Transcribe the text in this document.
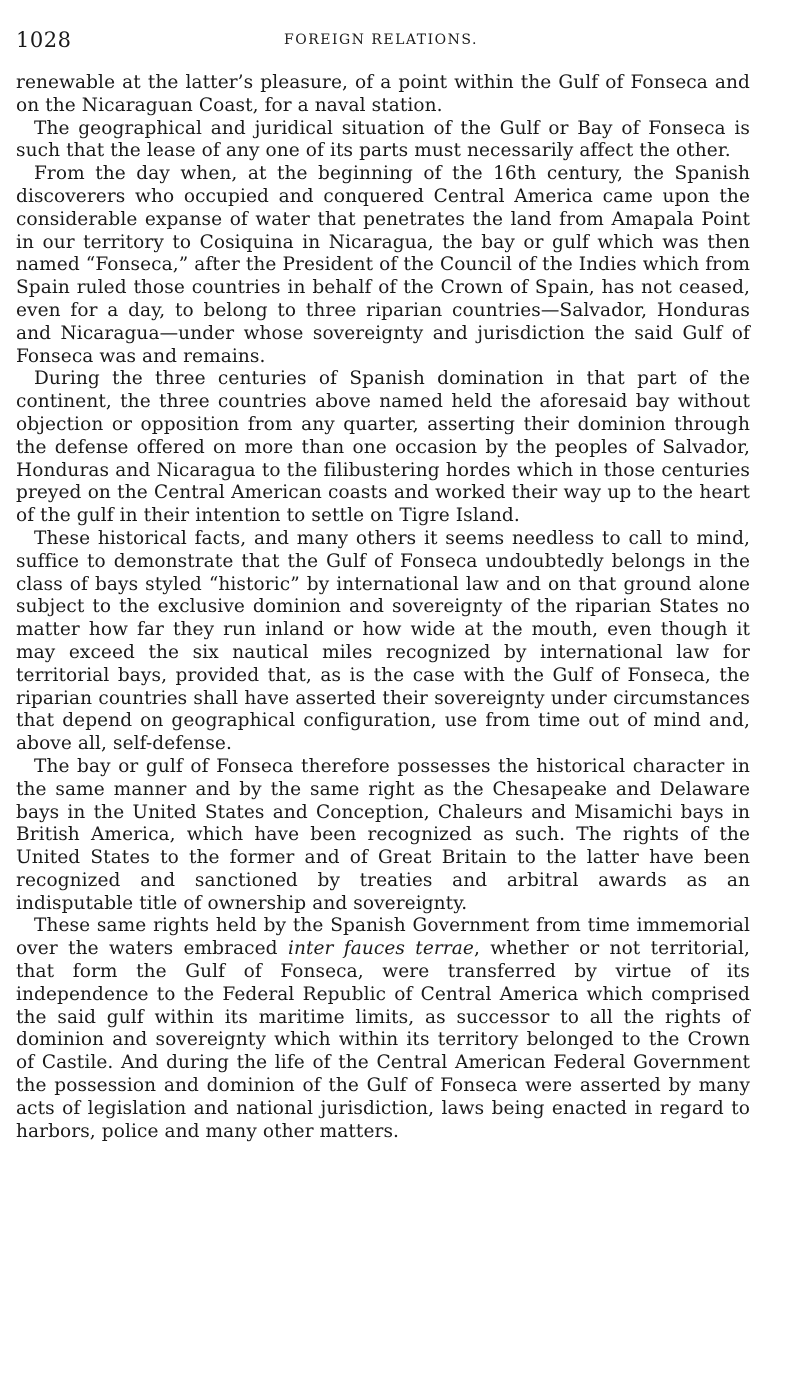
1028	FOREIGN RELATIONS.

renewable at the latter’s pleasure, of a point within the Gulf of Fonseca and on the Nicaraguan Coast, for a naval station.

The geographical and juridical situation of the Gulf or Bay of Fonseca is such that the lease of any one of its parts must necessarily affect the other.

From the day when, at the beginning of the 16th century, the Spanish discoverers who occupied and conquered Central America came upon the considerable expanse of water that penetrates the land from Amapala Point in our territory to Cosiquina in Nicaragua, the bay or gulf which was then named “Fonseca,” after the President of the Council of the Indies which from Spain ruled those countries in behalf of the Crown of Spain, has not ceased, even for a day, to belong to three riparian countries—Salvador, Honduras and Nicaragua—under whose sovereignty and jurisdiction the said Gulf of Fonseca was and remains.

During the three centuries of Spanish domination in that part of the continent, the three countries above named held the aforesaid bay without objection or opposition from any quarter, asserting their dominion through the defense offered on more than one occasion by the peoples of Salvador, Honduras and Nicaragua to the filibustering hordes which in those centuries preyed on the Central American coasts and worked their way up to the heart of the gulf in their intention to settle on Tigre Island.

These historical facts, and many others it seems needless to call to mind, suffice to demonstrate that the Gulf of Fonseca undoubtedly belongs in the class of bays styled “historic” by international law and on that ground alone subject to the exclusive dominion and sovereignty of the riparian States no matter how far they run inland or how wide at the mouth, even though it may exceed the six nautical miles recognized by international law for territorial bays, provided that, as is the case with the Gulf of Fonseca, the riparian countries shall have asserted their sovereignty under circumstances that depend on geographical configuration, use from time out of mind and, above all, self-defense.

The bay or gulf of Fonseca therefore possesses the historical character in the same manner and by the same right as the Chesapeake and Delaware bays in the United States and Conception, Chaleurs and Misamichi bays in British America, which have been recognized as such. The rights of the United States to the former and of Great Britain to the latter have been recognized and sanctioned by treaties and arbitral awards as an indisputable title of ownership and sovereignty.

These same rights held by the Spanish Government from time immemorial over the waters embraced inter fauces terrae, whether or not territorial, that form the Gulf of Fonseca, were transferred by virtue of its independence to the Federal Republic of Central America which comprised the said gulf within its maritime limits, as successor to all the rights of dominion and sovereignty which within its territory belonged to the Crown of Castile. And during the life of the Central American Federal Government the possession and dominion of the Gulf of Fonseca were asserted by many acts of legislation and national jurisdiction, laws being enacted in regard to harbors, police and many other matters.
